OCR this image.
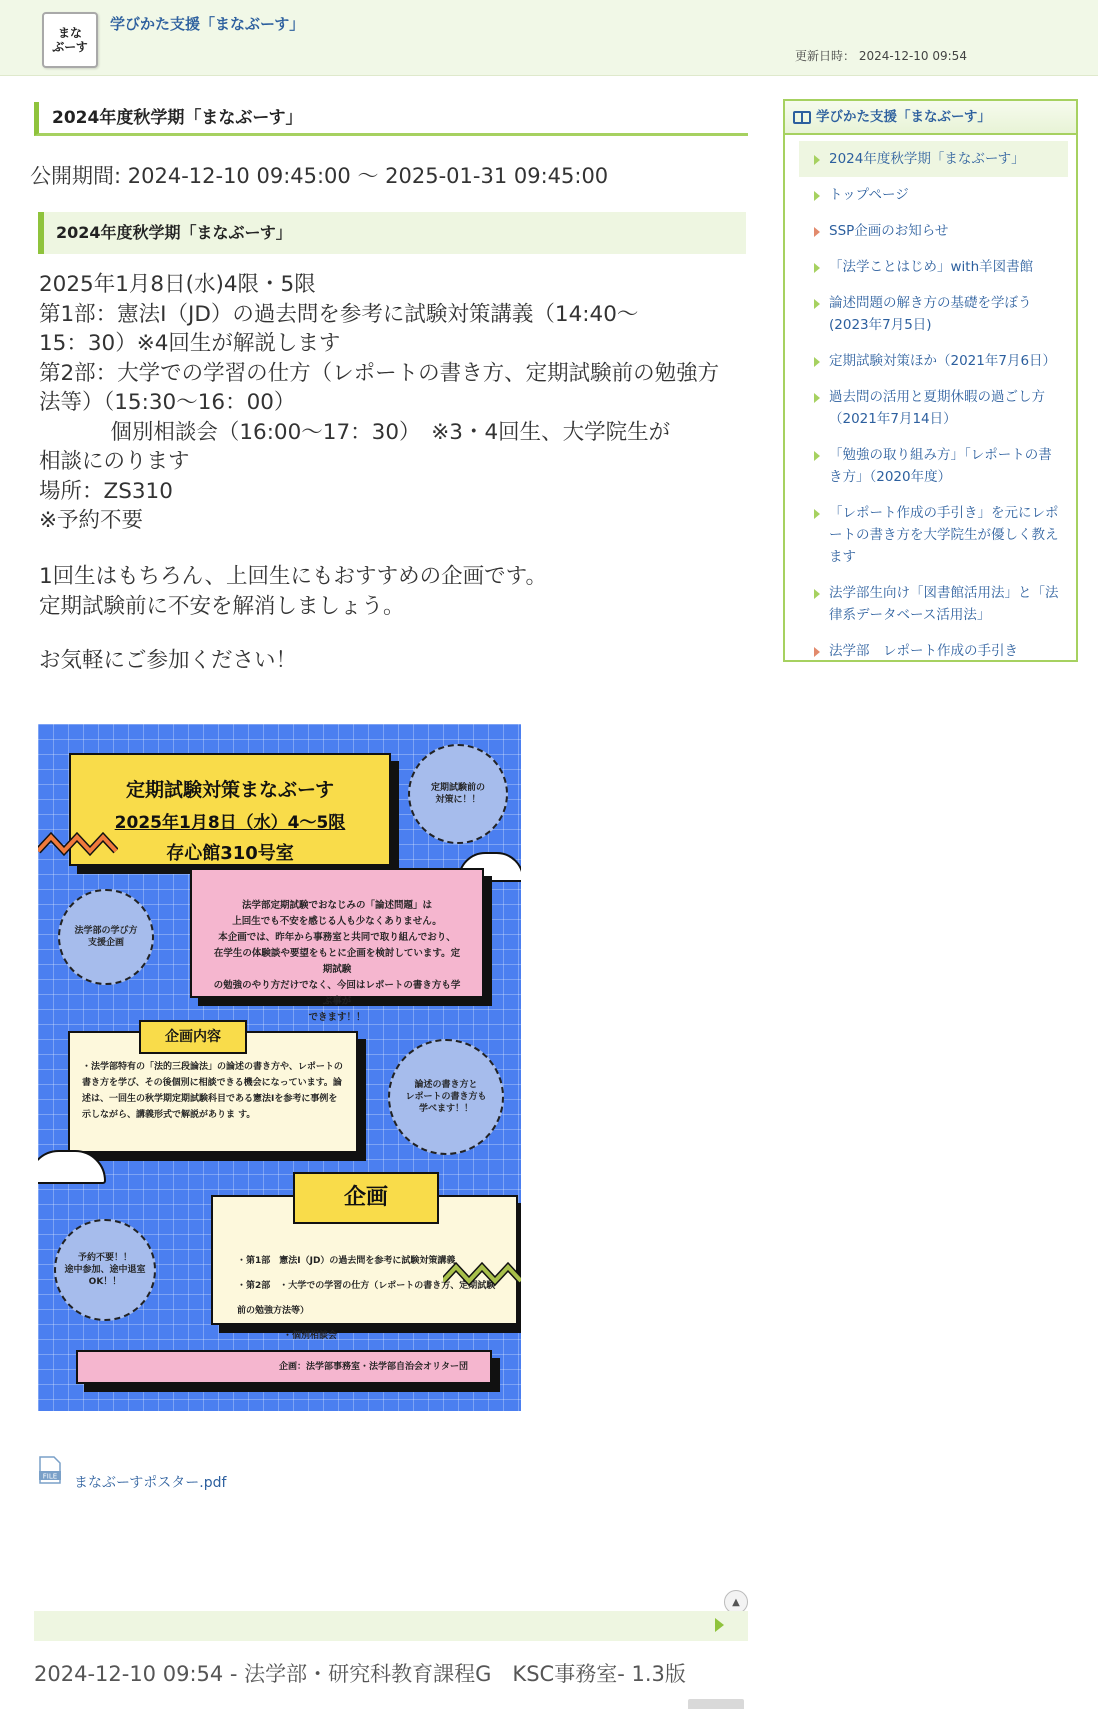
まな
ぶーす
学びかた支援「まなぶーす」
更新日時： 2024-12-10 09:54
2024年度秋学期「まなぶーす」
公開期間: 2024-12-10 09:45:00 ～ 2025-01-31 09:45:00
2024年度秋学期「まなぶーす」
2025年1月8日(水)4限・5限
第1部：憲法Ⅰ（JD）の過去問を参考に試験対策講義（14:40～
15：30）※4回生が解説します
第2部：大学での学習の仕方（レポートの書き方、定期試験前の勉強方
法等）（15:30～16：00）
　　　 個別相談会（16:00～17：30）　※3・4回生、大学院生が
相談にのります
場所：ZS310
※予約不要
1回生はもちろん、上回生にもおすすめの企画です。
定期試験前に不安を解消しましょう。
お気軽にご参加ください！
定期試験対策まなぶーす
2025年1月8日（水）4～5限
存心館310号室
定期試験前の
対策に！！
法学部の学び方
支援企画
法学部定期試験でおなじみの「論述問題」は
上回生でも不安を感じる人も少なくありません。
本企画では、昨年から事務室と共同で取り組んでおり、
在学生の体験談や要望をもとに企画を検討しています。定期試験
の勉強のやり方だけでなく、今回はレポートの書き方も学ぶ事が
できます！！
・法学部特有の「法的三段論法」の論述の書き方や、レポートの書き方を学び、その後個別に相談できる機会になっています。論述は、一回生の秋学期定期試験科目である憲法Ⅰを参考に事例を示しながら、講義形式で解説がありま す。
企画内容
論述の書き方と
レポートの書き方も
学べます！！
・第1部　憲法Ⅰ（JD）の過去問を参考に試験対策講義
・第2部　・大学での学習の仕方（レポートの書き方、定期試験前の勉強方法等）
・個別相談会
企画
予約不要！！
途中参加、途中退室
OK！！
企画：法学部事務室・法学部自治会オリター団
FILE まなぶーすポスター.pdf
▲
2024-12-10 09:54 - 法学部・研究科教育課程G　KSC事務室- 1.3版
学びかた支援「まなぶーす」
2024年度秋学期「まなぶーす」
トップページ
SSP企画のお知らせ
「法学ことはじめ」with羊図書館
論述問題の解き方の基礎を学ぼう(2023年7月5日)
定期試験対策ほか（2021年7月6日）
過去問の活用と夏期休暇の過ごし方（2021年7月14日）
「勉強の取り組み方」「レポートの書き方」（2020年度）
「レポート作成の手引き」を元にレポートの書き方を大学院生が優しく教えます
法学部生向け「図書館活用法」と「法律系データベース活用法」
法学部　レポート作成の手引き
